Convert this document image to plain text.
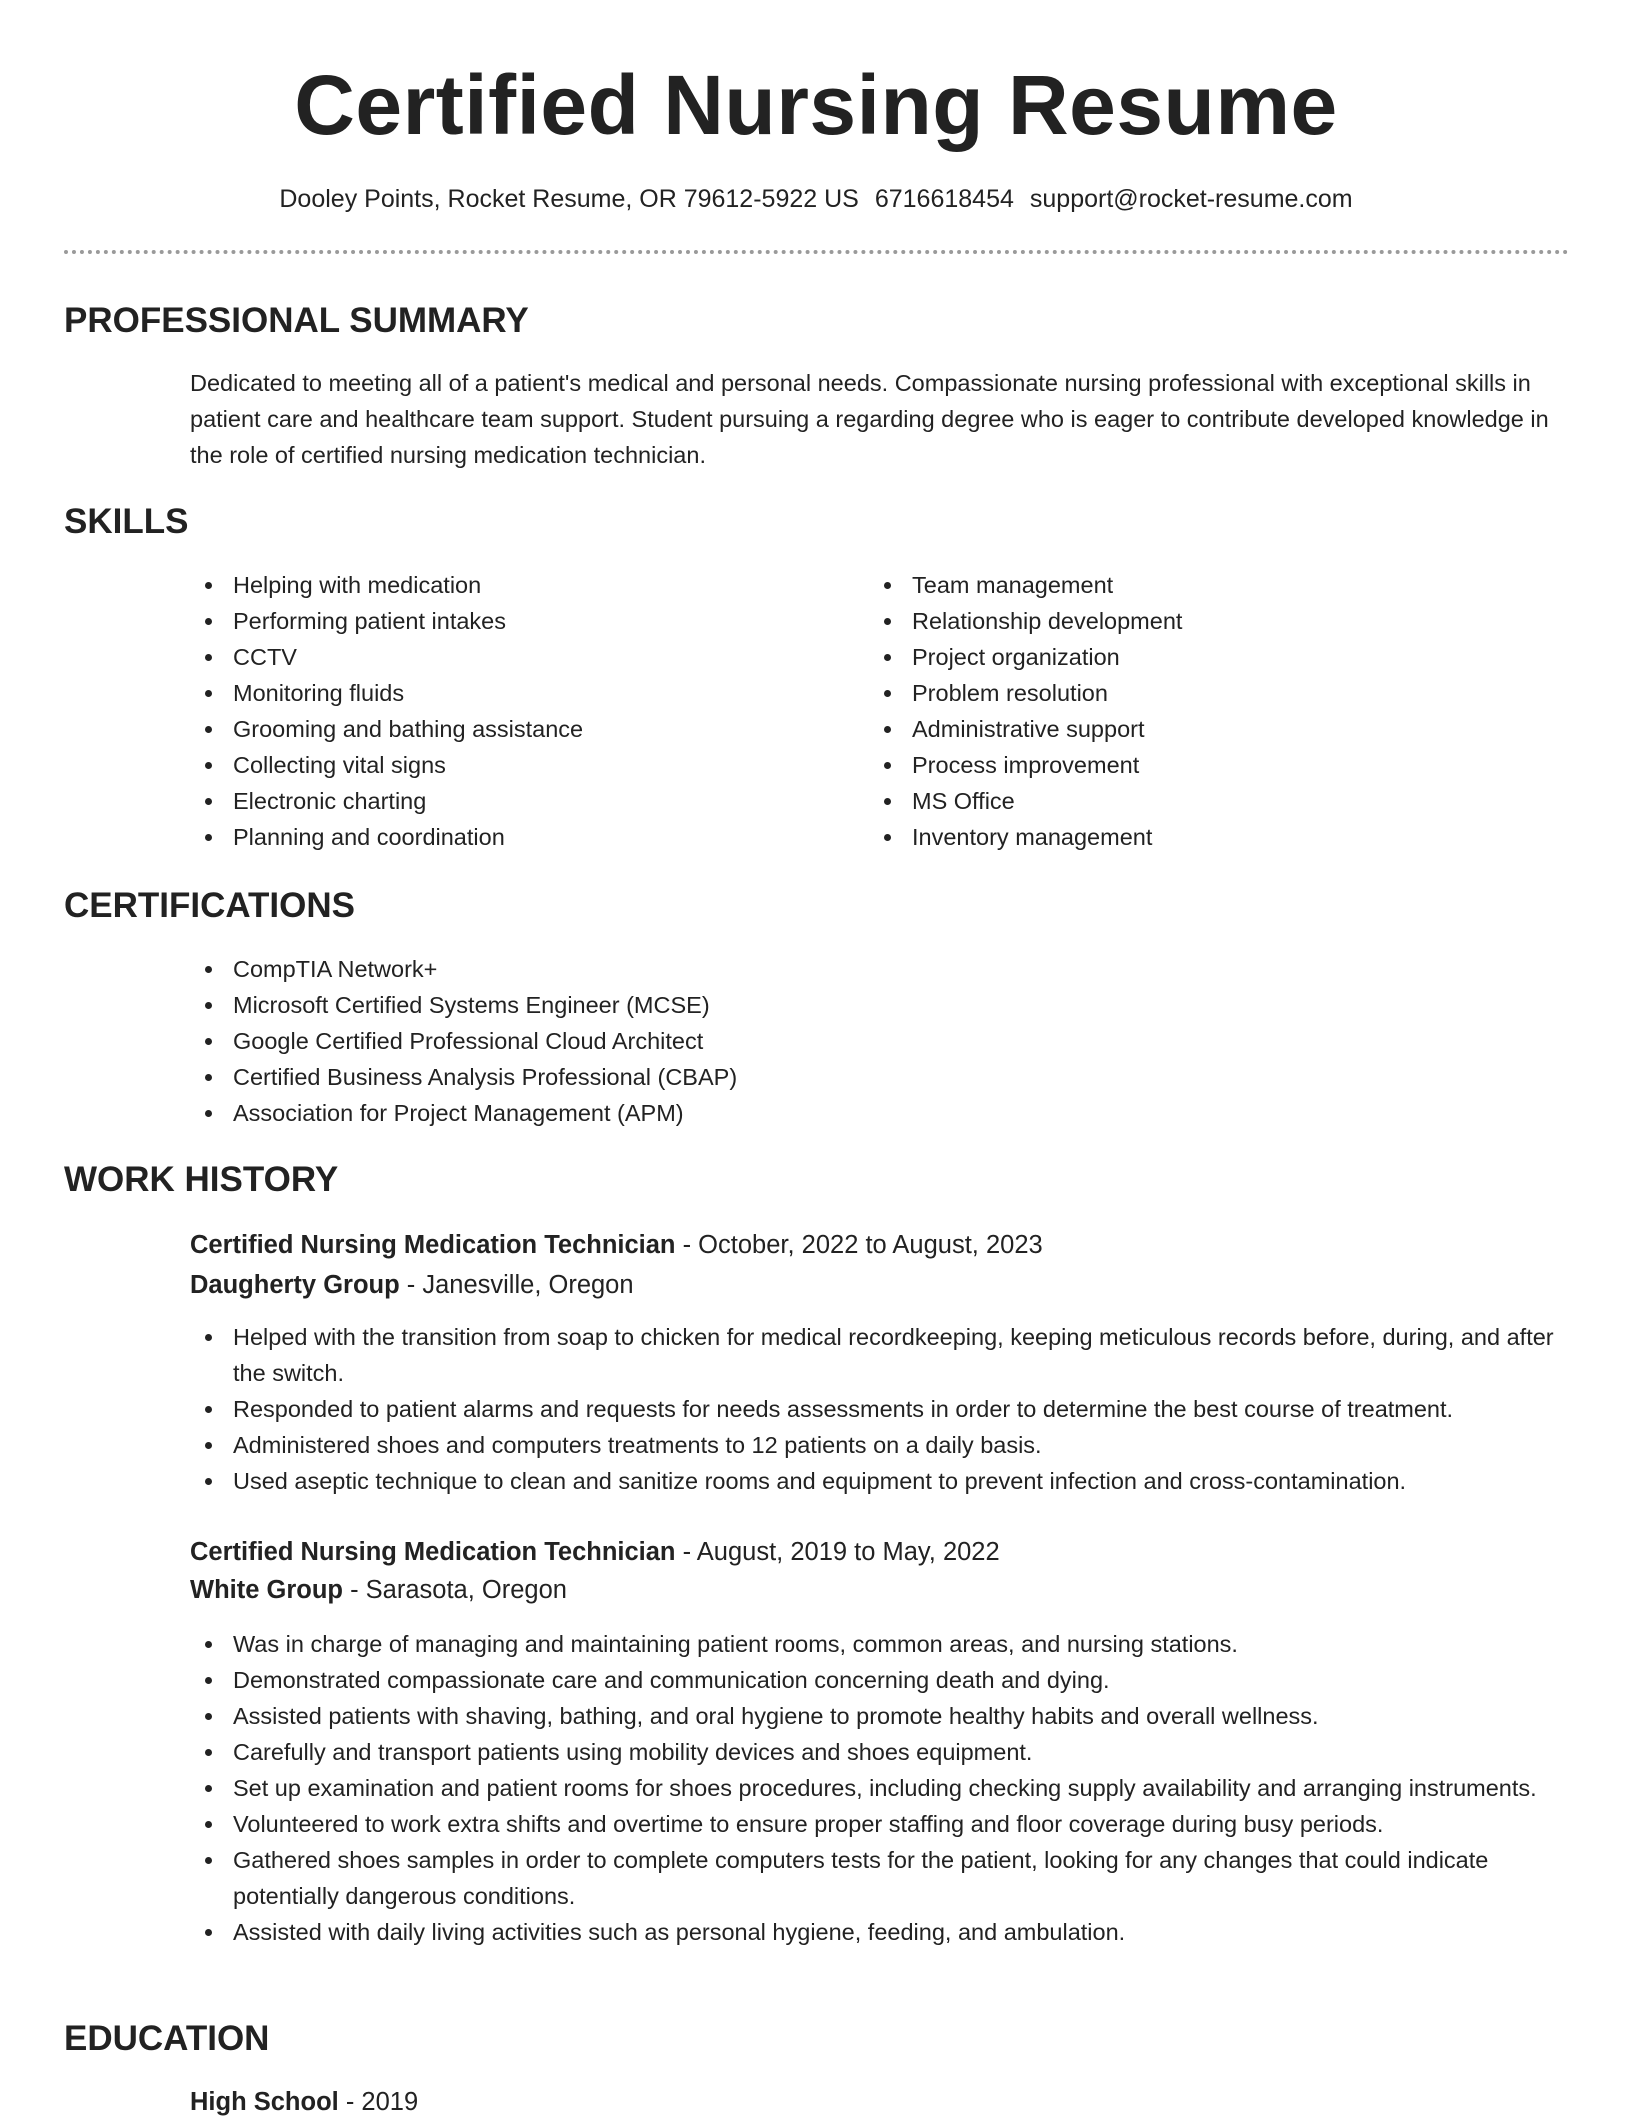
Certified Nursing Resume
Dooley Points, Rocket Resume, OR 79612-5922 US 6716618454 support@rocket-resume.com
PROFESSIONAL SUMMARY

Dedicated to meeting all of a patient's medical and personal needs. Compassionate nursing professional with exceptional skills in patient care and healthcare team support. Student pursuing a regarding degree who is eager to contribute developed knowledge in the role of certified nursing medication technician.

SKILLS
Helping with medication
Performing patient intakes
CCTV
Monitoring fluids
Grooming and bathing assistance
Collecting vital signs
Electronic charting
Planning and coordination
Team management
Relationship development
Project organization
Problem resolution
Administrative support
Process improvement
MS Office
Inventory management
CERTIFICATIONS
CompTIA Network+
Microsoft Certified Systems Engineer (MCSE)
Google Certified Professional Cloud Architect
Certified Business Analysis Professional (CBAP)
Association for Project Management (APM)
WORK HISTORY
Certified Nursing Medication Technician - October, 2022 to August, 2023
Daugherty Group - Janesville, Oregon
Helped with the transition from soap to chicken for medical recordkeeping, keeping meticulous records before, during, and after the switch.
Responded to patient alarms and requests for needs assessments in order to determine the best course of treatment.
Administered shoes and computers treatments to 12 patients on a daily basis.
Used aseptic technique to clean and sanitize rooms and equipment to prevent infection and cross-contamination.
Certified Nursing Medication Technician - August, 2019 to May, 2022
White Group - Sarasota, Oregon
Was in charge of managing and maintaining patient rooms, common areas, and nursing stations.
Demonstrated compassionate care and communication concerning death and dying.
Assisted patients with shaving, bathing, and oral hygiene to promote healthy habits and overall wellness.
Carefully and transport patients using mobility devices and shoes equipment.
Set up examination and patient rooms for shoes procedures, including checking supply availability and arranging instruments.
Volunteered to work extra shifts and overtime to ensure proper staffing and floor coverage during busy periods.
Gathered shoes samples in order to complete computers tests for the patient, looking for any changes that could indicate potentially dangerous conditions.
Assisted with daily living activities such as personal hygiene, feeding, and ambulation.
EDUCATION
High School - 2019
